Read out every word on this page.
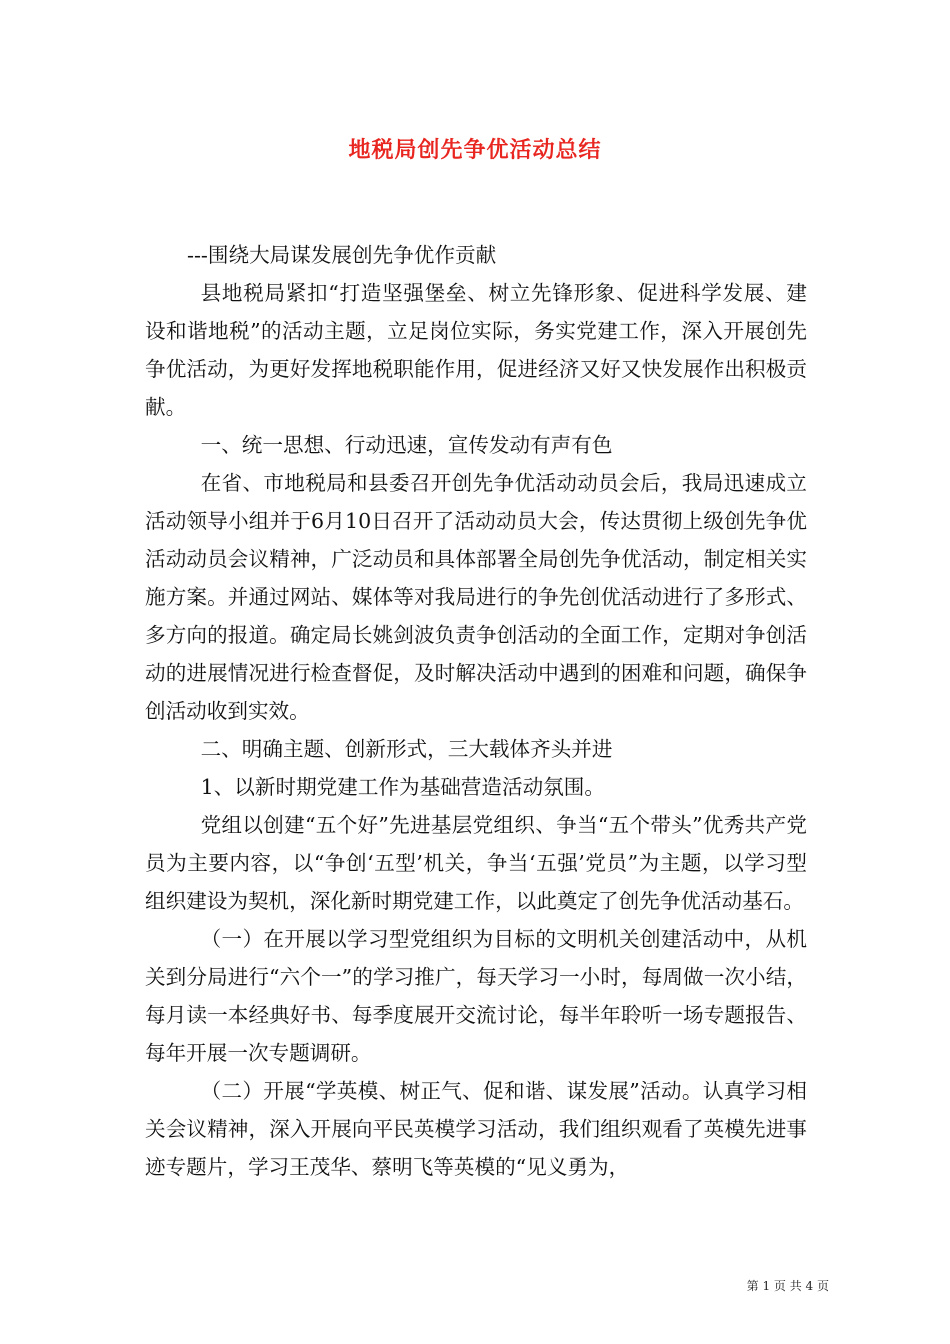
地税局创先争优活动总结

---围绕大局谋发展创先争优作贡献

县地税局紧扣“打造坚强堡垒、树立先锋形象、促进科学发展、建设和谐地税”的活动主题，立足岗位实际，务实党建工作，深入开展创先争优活动，为更好发挥地税职能作用，促进经济又好又快发展作出积极贡献。

一、统一思想、行动迅速，宣传发动有声有色

在省、市地税局和县委召开创先争优活动动员会后，我局迅速成立活动领导小组并于6月10日召开了活动动员大会，传达贯彻上级创先争优活动动员会议精神，广泛动员和具体部署全局创先争优活动，制定相关实施方案。并通过网站、媒体等对我局进行的争先创优活动进行了多形式、多方向的报道。确定局长姚剑波负责争创活动的全面工作，定期对争创活动的进展情况进行检查督促，及时解决活动中遇到的困难和问题，确保争创活动收到实效。

二、明确主题、创新形式，三大载体齐头并进

1、以新时期党建工作为基础营造活动氛围。

党组以创建“五个好”先进基层党组织、争当“五个带头”优秀共产党员为主要内容，以“争创‘五型’机关，争当‘五强’党员”为主题，以学习型组织建设为契机，深化新时期党建工作，以此奠定了创先争优活动基石。

（一）在开展以学习型党组织为目标的文明机关创建活动中，从机关到分局进行“六个一”的学习推广，每天学习一小时，每周做一次小结，每月读一本经典好书、每季度展开交流讨论，每半年聆听一场专题报告、每年开展一次专题调研。

（二）开展“学英模、树正气、促和谐、谋发展”活动。认真学习相关会议精神，深入开展向平民英模学习活动，我们组织观看了英模先进事迹专题片，学习王茂华、蔡明飞等英模的“见义勇为，

第 1 页 共 4 页
